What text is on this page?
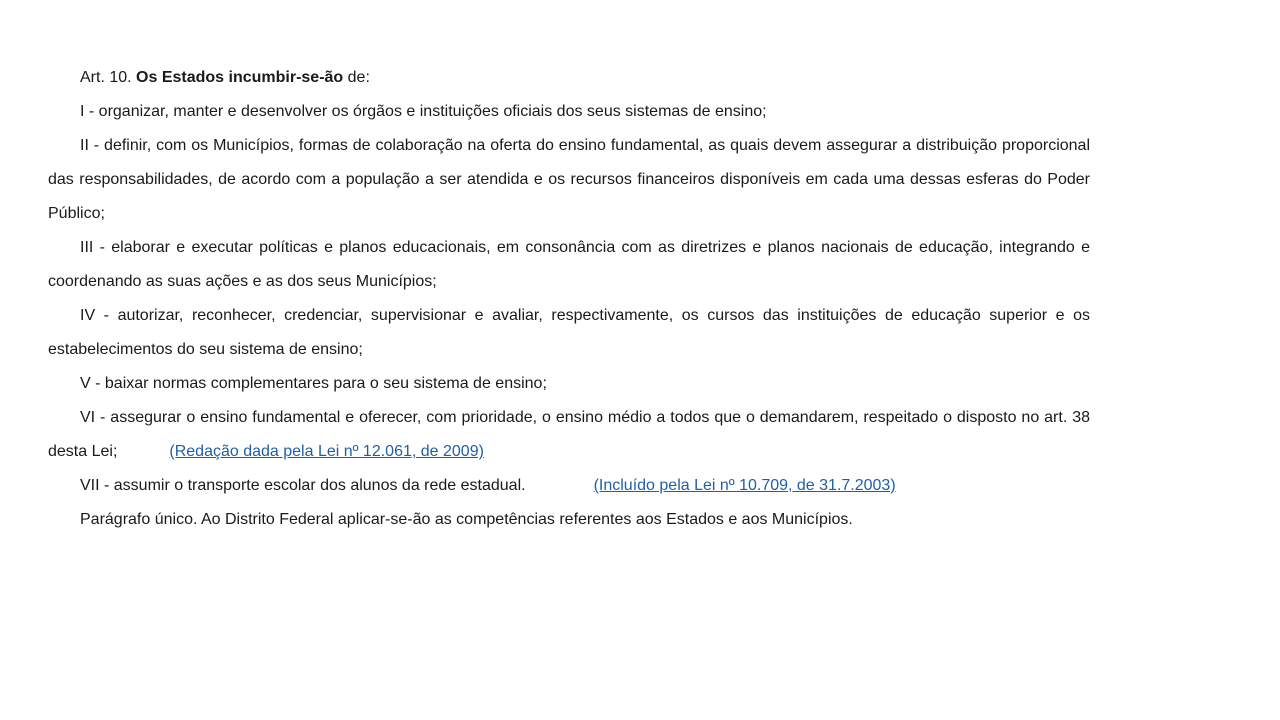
Art. 10. Os Estados incumbir-se-ão de:

I - organizar, manter e desenvolver os órgãos e instituições oficiais dos seus sistemas de ensino;

II - definir, com os Municípios, formas de colaboração na oferta do ensino fundamental, as quais devem assegurar a distribuição proporcional das responsabilidades, de acordo com a população a ser atendida e os recursos financeiros disponíveis em cada uma dessas esferas do Poder Público;

III - elaborar e executar políticas e planos educacionais, em consonância com as diretrizes e planos nacionais de educação, integrando e coordenando as suas ações e as dos seus Municípios;

IV - autorizar, reconhecer, credenciar, supervisionar e avaliar, respectivamente, os cursos das instituições de educação superior e os estabelecimentos do seu sistema de ensino;

V - baixar normas complementares para o seu sistema de ensino;

VI - assegurar o ensino fundamental e oferecer, com prioridade, o ensino médio a todos que o demandarem, respeitado o disposto no art. 38 desta Lei;	(Redação dada pela Lei nº 12.061, de 2009)

VII - assumir o transporte escolar dos alunos da rede estadual.	(Incluído pela Lei nº 10.709, de 31.7.2003)

Parágrafo único. Ao Distrito Federal aplicar-se-ão as competências referentes aos Estados e aos Municípios.
